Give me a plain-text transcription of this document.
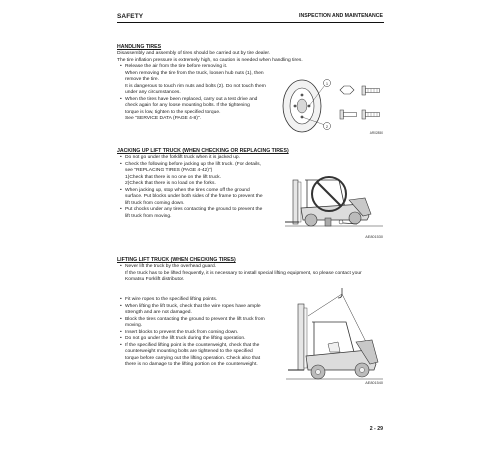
SAFETY	INSPECTION AND MAINTENANCE
HANDLING TIRES
Disassembly and assembly of tires should be carried out by tire dealer.
The tire inflation pressure is extremely high, so caution is needed when handling tires.
• Release the air from the tire before removing it.
When removing the tire from the truck, loosen hub nuts (1), then
remove the tire.
It is dangerous to touch rim nuts and bolts (2). Do not touch them
under any circumstances.
• When the tires have been replaced, carry out a test drive and
check again for any loose mounting bolts. If the tightening
torque is low, tighten to the specified torque.
See "SERVICE DATA (PAGE 4-8)".
1
2
AR02850
JACKING UP LIFT TRUCK (WHEN CHECKING OR REPLACING TIRES)
• Do not go under the forklift truck when it is jacked up.
• Check the following before jacking up the lift truck. (For details,
see "REPLACING TIRES (PAGE 4-42)")
1)Check that there is no one on the lift truck.
2)Check that there is no load on the forks.
• When jacking up, stop when the tires come off the ground
surface. Put blocks under both sides of the frame to prevent the
lift truck from coming down.
• Put chocks under any tires contacting the ground to prevent the
lift truck from moving.
AE801530
LIFTING LIFT TRUCK (WHEN CHECKING TIRES)
• Never lift the truck by the overhead guard.
If the truck has to be lifted frequently, it is necessary to install special lifting equipment, so please contact your
Komatsu Forklift distributor.
• Fit wire ropes to the specified lifting points.
• When lifting the lift truck, check that the wire ropes have ample
strength and are not damaged.
• Block the tires contacting the ground to prevent the lift truck from
moving.
• Insert blocks to prevent the truck from coming down.
• Do not go under the lift truck during the lifting operation.
• If the specified lifting point is the counterweight, check that the
counterweight mounting bolts are tightened to the specified
torque before carrying out the lifting operation. Check also that
there is no damage to the lifting portion on the counterweight.
AE801540
2 - 29
